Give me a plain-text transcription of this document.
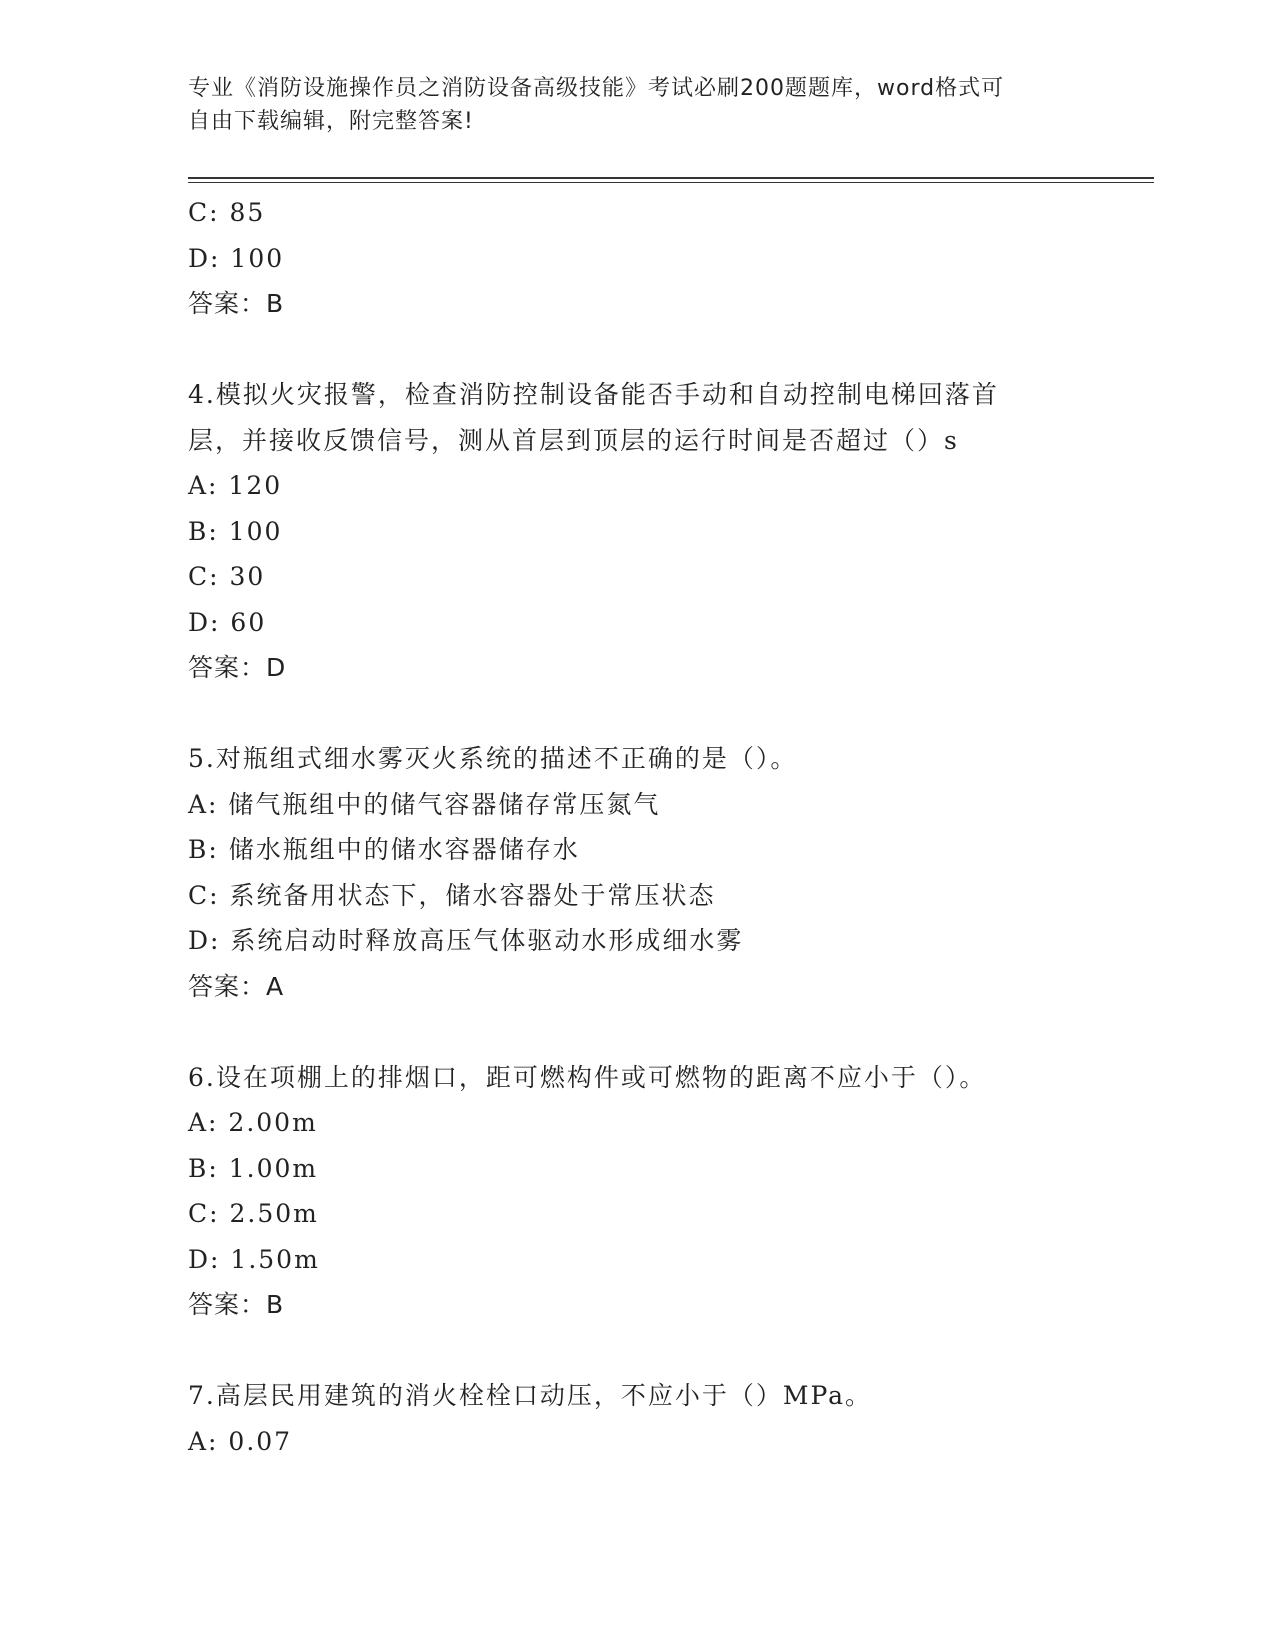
专业《消防设施操作员之消防设备高级技能》考试必刷200题题库，word格式可
自由下载编辑，附完整答案!
C: 85
D: 100
答案：B
4.模拟火灾报警，检查消防控制设备能否手动和自动控制电梯回落首
层，并接收反馈信号，测从首层到顶层的运行时间是否超过（）s
A: 120
B: 100
C: 30
D: 60
答案：D
5.对瓶组式细水雾灭火系统的描述不正确的是（）。
A: 储气瓶组中的储气容器储存常压氮气
B: 储水瓶组中的储水容器储存水
C: 系统备用状态下，储水容器处于常压状态
D: 系统启动时释放高压气体驱动水形成细水雾
答案：A
6.设在项棚上的排烟口，距可燃构件或可燃物的距离不应小于（）。
A: 2.00m
B: 1.00m
C: 2.50m
D: 1.50m
答案：B
7.高层民用建筑的消火栓栓口动压，不应小于（）MPa。
A: 0.07
